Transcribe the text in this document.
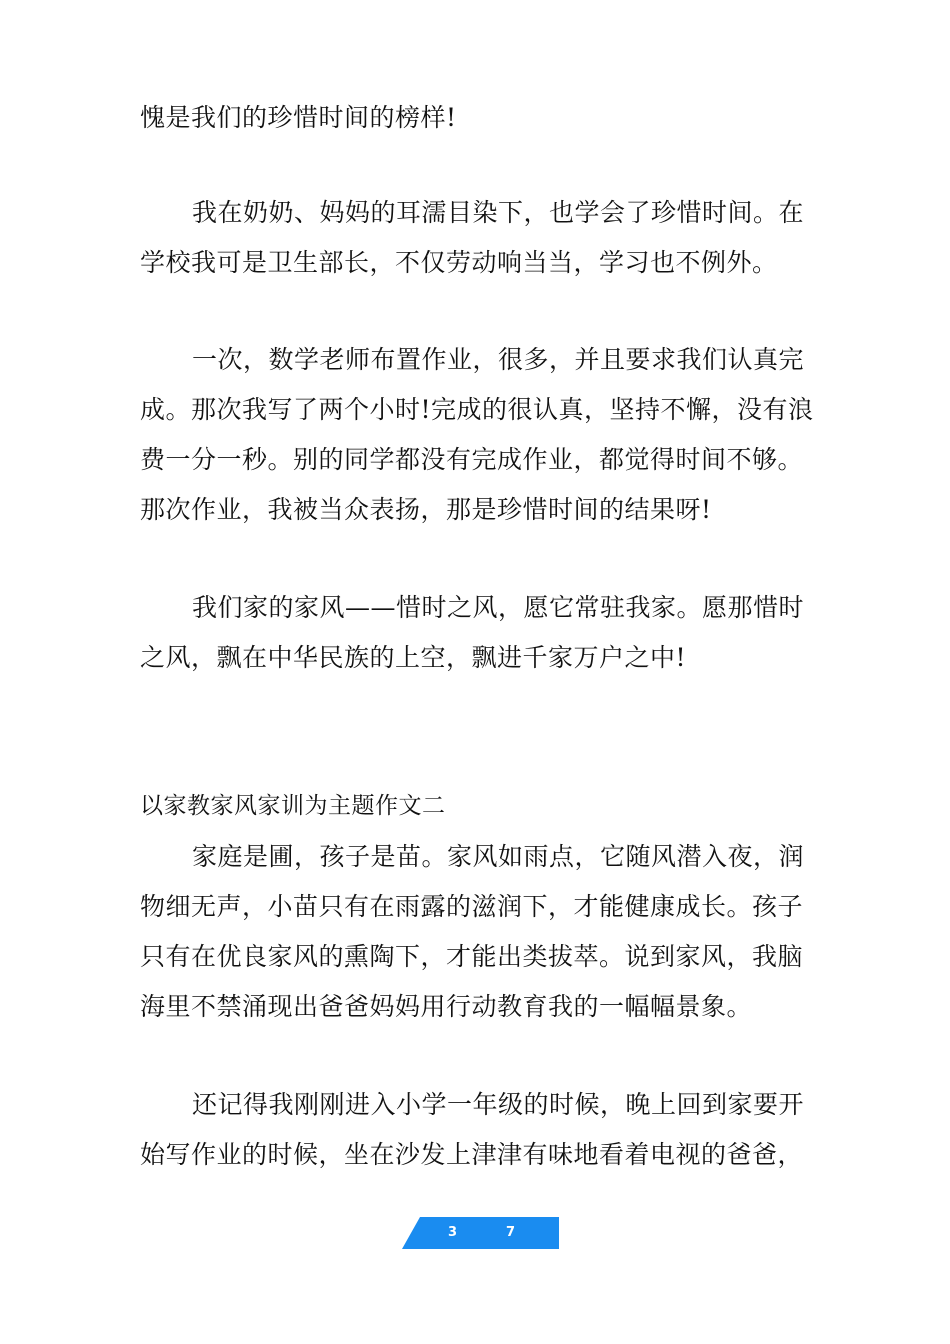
愧是我们的珍惜时间的榜样!

我在奶奶、妈妈的耳濡目染下，也学会了珍惜时间。在
学校我可是卫生部长，不仅劳动响当当，学习也不例外。

一次，数学老师布置作业，很多，并且要求我们认真完
成。那次我写了两个小时!完成的很认真，坚持不懈，没有浪
费一分一秒。别的同学都没有完成作业，都觉得时间不够。
那次作业，我被当众表扬，那是珍惜时间的结果呀!

我们家的家风——惜时之风，愿它常驻我家。愿那惜时
之风，飘在中华民族的上空，飘进千家万户之中!

以家教家风家训为主题作文二

家庭是圃，孩子是苗。家风如雨点，它随风潜入夜，润
物细无声，小苗只有在雨露的滋润下，才能健康成长。孩子
只有在优良家风的熏陶下，才能出类拔萃。说到家风，我脑
海里不禁涌现出爸爸妈妈用行动教育我的一幅幅景象。

还记得我刚刚进入小学一年级的时候，晚上回到家要开
始写作业的时候，坐在沙发上津津有味地看着电视的爸爸，

3	7
